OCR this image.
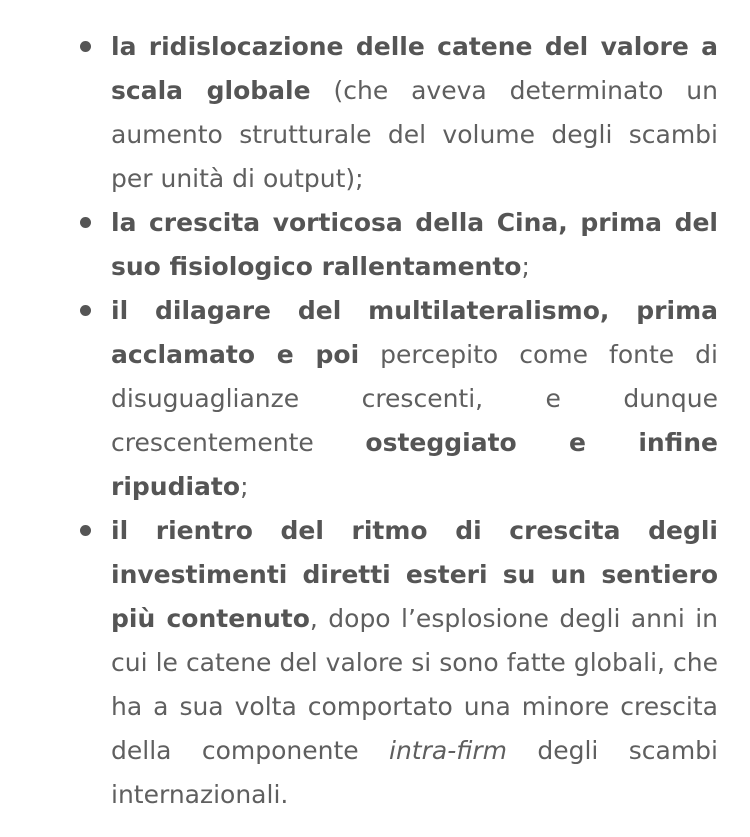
la ridislocazione delle catene del valore a scala globale (che aveva determinato un aumento strutturale del volume degli scambi per unità di output);

la crescita vorticosa della Cina, prima del suo fisiologico rallentamento;

il dilagare del multilateralismo, prima acclamato e poi percepito come fonte di disuguaglianze crescenti, e dunque crescentemente osteggiato e infine ripudiato;

il rientro del ritmo di crescita degli investimenti diretti esteri su un sentiero più contenuto, dopo l’esplosione degli anni in cui le catene del valore si sono fatte globali, che ha a sua volta comportato una minore crescita della componente intra-firm degli scambi internazionali.
